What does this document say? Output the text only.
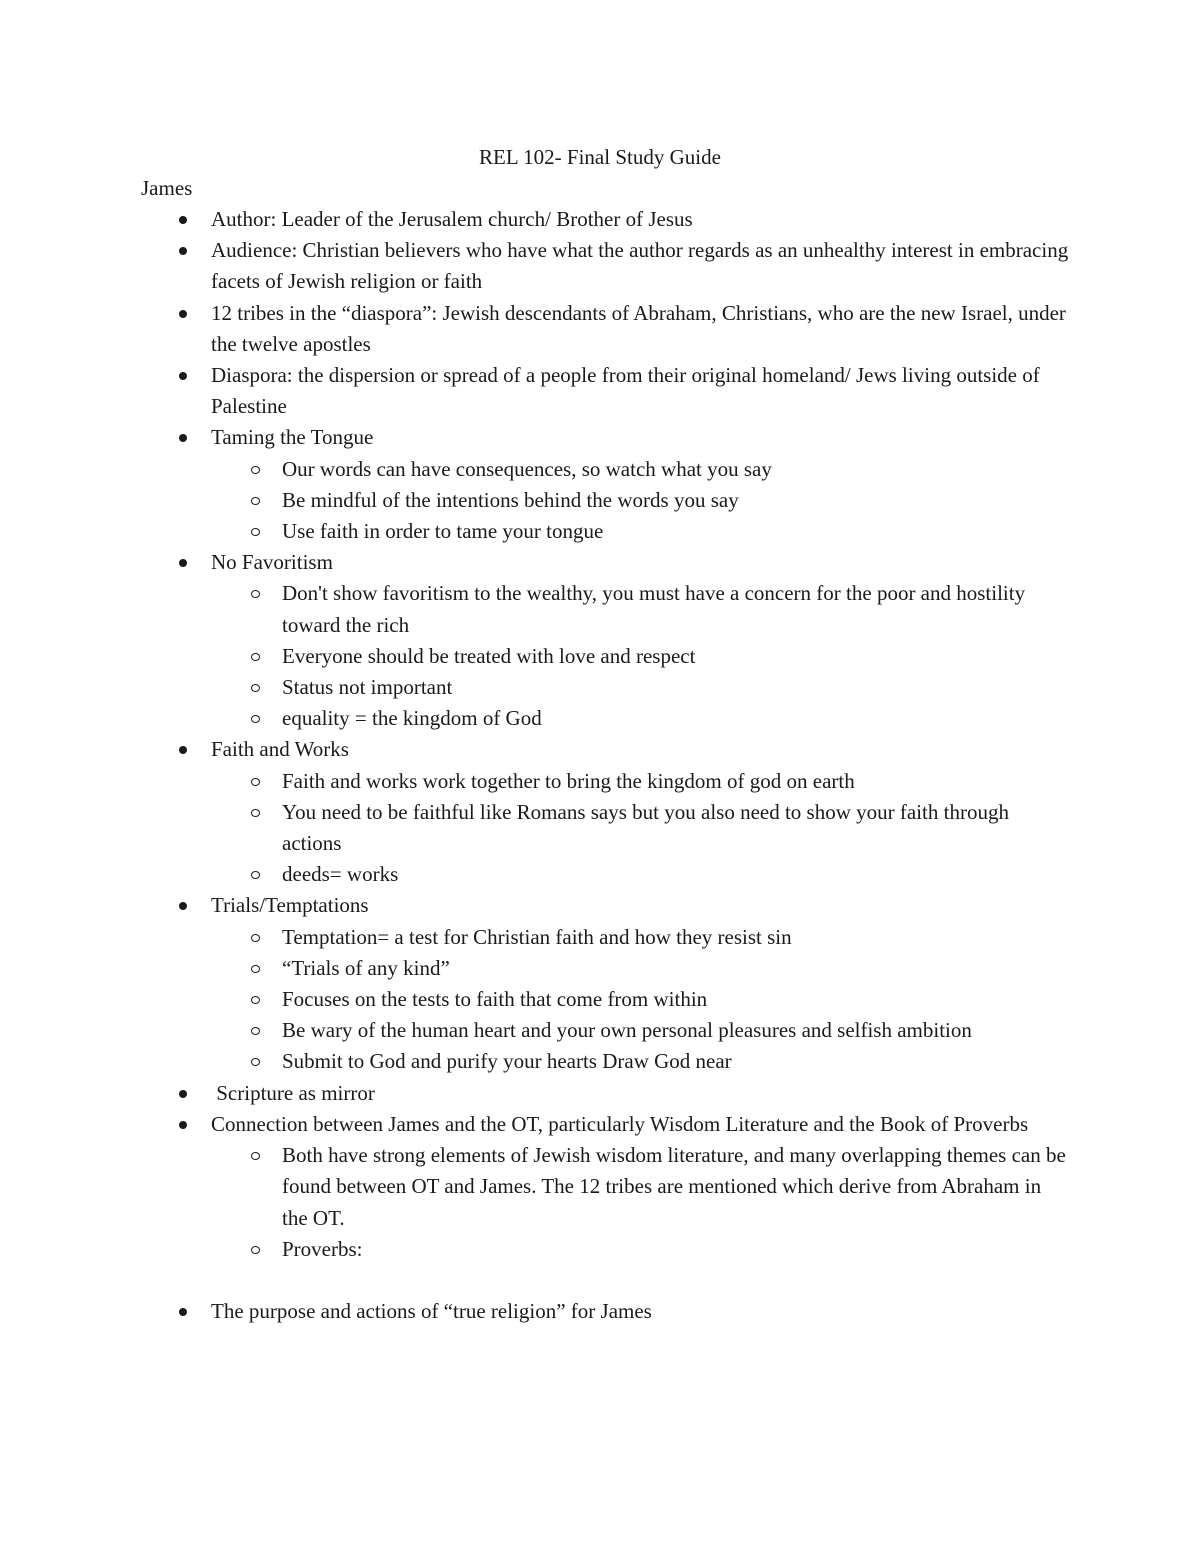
REL 102- Final Study Guide

James

Author: Leader of the Jerusalem church/ Brother of Jesus
Audience: Christian believers who have what the author regards as an unhealthy interest in embracing facets of Jewish religion or faith
12 tribes in the “diaspora”: Jewish descendants of Abraham, Christians, who are the new Israel, under the twelve apostles
Diaspora: the dispersion or spread of a people from their original homeland/ Jews living outside of Palestine
Taming the Tongue
Our words can have consequences, so watch what you say
Be mindful of the intentions behind the words you say
Use faith in order to tame your tongue
No Favoritism
Don't show favoritism to the wealthy, you must have a concern for the poor and hostility toward the rich
Everyone should be treated with love and respect
Status not important
equality = the kingdom of God
Faith and Works
Faith and works work together to bring the kingdom of god on earth
You need to be faithful like Romans says but you also need to show your faith through actions
deeds= works
Trials/Temptations
Temptation= a test for Christian faith and how they resist sin
“Trials of any kind”
Focuses on the tests to faith that come from within
Be wary of the human heart and your own personal pleasures and selfish ambition
Submit to God and purify your hearts Draw God near
Scripture as mirror
Connection between James and the OT, particularly Wisdom Literature and the Book of Proverbs
Both have strong elements of Jewish wisdom literature, and many overlapping themes can be found between OT and James. The 12 tribes are mentioned which derive from Abraham in the OT.
Proverbs:
The purpose and actions of “true religion” for James
